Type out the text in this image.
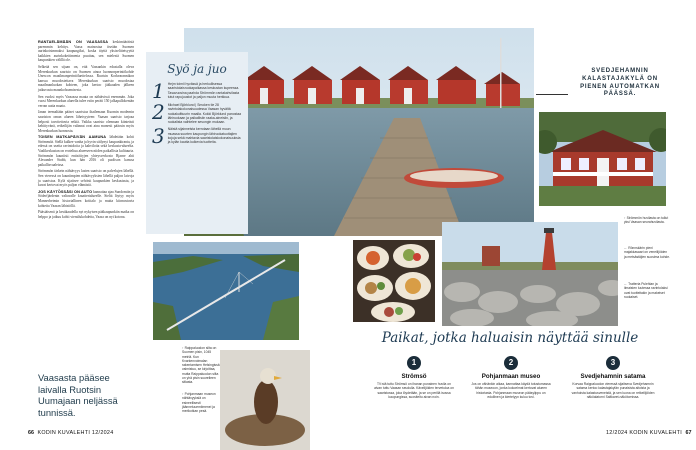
RANTAELÄMÄÄN ON VAASASSA keskimääräistä paremmin kehitys. Vaasa mainostaa itseään Suomen aurinkoisimmaksi kaupungiksi, koska täyttä yksiselitteisyyttä kaikkien aurinkokeitimenta puuttuu, sen mielestä Suomen kaupunkien välillä ole.

Selkeää sen sijaan on, että Vaasankin edustalla oleva Merenkurkun saaristo on Suomen ainoa luonnonperintökohde Unescon maailmanperintöluettelossa. Ruotsin Korkearannikon kanssa muodostettava Merenkurkun saaristo muodostaa maailmanluokan kohteen, joka kertoo jääkauden jälkeen jatkuvasta maankohoamisesta.

Sen vuoksi myös Vaasassa maata on nähtävissä enemmän. Joka vuosi Merenkurkun alueella tulee esiin peräti 150 jalkapallokentän verran uutta maata.

Janan teemaltään pääset saaristoa ihailemaan Kuomin modernin saariston oman alueen läheisyyteen: Vaasan saaristo tarjoaa helposti tavoitettavia retkiä. Vaikka saaristo olennaan kiinteästi kehittyvänä, retkeilijän valinnat ovat aina monesti pääosin myös Merenkurkun luonnosta.

TOISEN MATKAPÄIVÄN AAMUNA lähdetään kohti Strömmöä. Siellä kulkee vanha ja hyvin säilynyt kaupunkiranta, ja edessä on useita ravintoloita ja kahviloita sekä keskusta-alueelta. Vaalikeskustan on eroteltua alueeseen niiden paikallista kulttuuria. Strömmön kauniisti entisöityjen yhteysverkosto Bjarne ahti Alexander Stubb, kun hän 2016 oli puolison kanssa paikallisvaaleissa.

Strömmön tärkein nähtävyys lasten saaristo on palvelujen lähellä. Sen vieressä on kauniimpien nähtävyyksien lähellä paljon laivoja ja saaristoa. Kylä sijaitsee selvästi kaupunkien keskustasta, ja kuvat kertovat myös paljon elämästä.

JOS KÄYTÖSSÄSI ON AUTO kannattaa ajaa Sundomiin ja Söderfjärdenin valtavalle kraatterialueelle. Sieltä löytyy myös Mannerheimin historiallinen kotitalo ja muita kiinnostavia kohteita Vaasan lähistöllä.

Pääsiäisenä ja kesäkaudella nyt nykyisen pääkaupunkiin matka on helppo ja jatkuu kohti vierailukohdetta, Vaasa on nyt kotona.

Vaasasta pääsee laivalla Ruotsin Uumajaan neljässä tunnissä.
Syö ja juo
1 Hejm toimii hyvässä ja herkullisessa saaristolaisruokapaikassa keskustan kupeessa. Tasavuosina paahda Strömmön rantakahvilasta tutut rapujuustot ja paljon muuta herkkua.
2 Michael Björklund | Smoken tie 28 ravintolakokonaisuudessa Vaasan hyvältä ruokakulttuurin maalla. Kokki Björklund panostaa lähiruokaan ja paikallisiin raaka-aineisiin, ja ruokalista vaihtelee sesongin mukaan.
3 Näistä sijainneista kerrotaan lähellä muun muassa suurten kaupungin lähiruokatuottajien kojuja sekä mahtavia saaristolaiskokonaisuuksia ja kylän kautta kulkevia tuotteita.
SVEDJEHAMNIN KALASTAJAKYLÄ ON PIENEN AUTOMATKAN PÄÄSSÄ.
↑ Strömmön huvilasta on tullut yksi Vaasan seurahuvilasta.
← Rönnskärin pieni majakkasaari on veneilijöiden ja metsästäjien suosima kohde.
← Tratteria Pulehlan ja ilmaisten luutessa ravintolaksi ovat tuotteitakin ja makeiset ruokaiset.
↑ Raippaluodon silta on Suomen pisin, 1045 metriä. Kun Kvarkenvoimalan rakentamisen Helsingissä valmistuu, se kirjoittaa, mutta Raippaluodon silta on yhä pisin suurelleen sitlasta.
↑ Pohjanmaan museon nähtävyyksiä on esineellisesti jäänneluuemiimenei ja merikotkan pesä.
Paikat, jotka haluaisin näyttää sinulle
1
Strömsö
TV:stä tuttu Strömsö on ihanan punainen huvila on aivan tuttu Vaasan seudulla. Kävelijöiden tervetuloa on saaristossa, joka löydetään, ja se on perillä isossa kaupungissa, suositeltu aivan noin.
2
Pohjanmaan museo
Jos on vähänkin aikaa, kannattaa käydä tutustumassa tähän museoon, jonka kokoelmat kertovat alueen historiasta. Pohjanmaan museon pääsylippu on edullinen ja kiertelyyn kuluu tovi.
3
Svedjehamnin satama
Korvaa Raippaluodon vieressä sijaitseva Svedjehamnin satama kertoo kalastajakylän punaisista aitoista ja vanhoista kalastusveneistä, ja sen luona on retkeilijöiden näköalatorni Saltkaret-näkötornissa.
66 KODIN KUVALEHTI 12/2024	12/2024 KODIN KUVALEHTI 67
